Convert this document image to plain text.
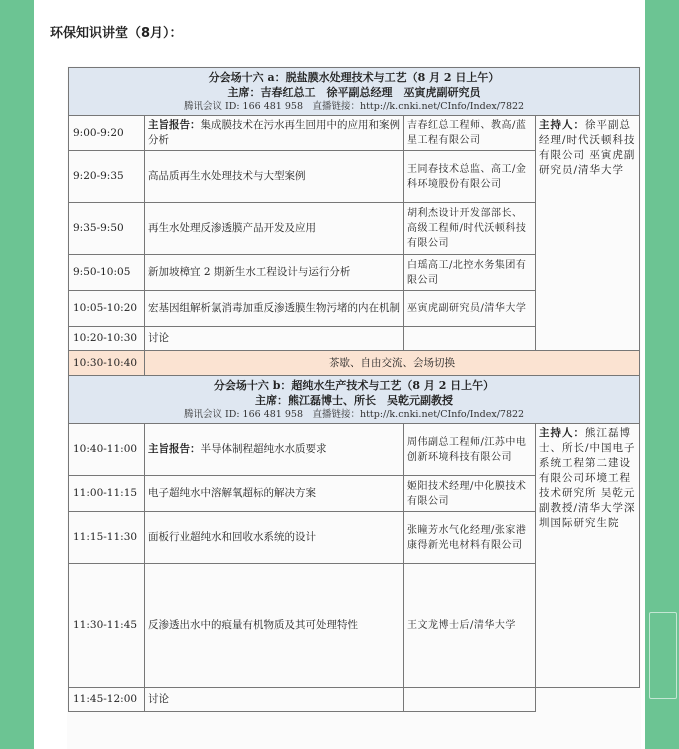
环保知识讲堂（8月）：
分会场十六 a：脱盐膜水处理技术与工艺（8 月 2 日上午）
主席：吉春红总工　徐平副总经理　巫寅虎副研究员
腾讯会议 ID: 166 481 958　直播链接：http://k.cnki.net/CInfo/Index/7822			

9:00-9:20	主旨报告：集成膜技术在污水再生回用中的应用和案例分析	吉春红总工程师、教高/蓝星工程有限公司	主持人：徐平副总经理/时代沃顿科技有限公司 巫寅虎副研究员/清华大学
9:20-9:35	高品质再生水处理技术与大型案例	王同春技术总监、高工/金科环境股份有限公司	
9:35-9:50	再生水处理反渗透膜产品开发及应用	胡利杰设计开发部部长、高级工程师/时代沃顿科技有限公司	
9:50-10:05	新加坡樟宜 2 期新生水工程设计与运行分析	白瑶高工/北控水务集团有限公司	
10:05-10:20	宏基因组解析氯消毒加重反渗透膜生物污堵的内在机制	巫寅虎副研究员/清华大学	
10:20-10:30	讨论		
10:30-10:40	茶歇、自由交流、会场切换		

分会场十六 b：超纯水生产技术与工艺（8 月 2 日上午）
主席：熊江磊博士、所长　吴乾元副教授
腾讯会议 ID: 166 481 958　直播链接：http://k.cnki.net/CInfo/Index/7822			

10:40-11:00	主旨报告：半导体制程超纯水水质要求	周伟副总工程师/江苏中电创新环境科技有限公司	主持人：熊江磊博士、所长/中国电子系统工程第二建设有限公司环境工程技术研究所 吴乾元副教授/清华大学深圳国际研究生院
11:00-11:15	电子超纯水中溶解氧超标的解决方案	姬阳技术经理/中化膜技术有限公司	
11:15-11:30	面板行业超纯水和回收水系统的设计	张瞳芳水气化经理/张家港康得新光电材料有限公司	
11:30-11:45	反渗透出水中的痕量有机物质及其可处理特性	王文龙博士后/清华大学	
11:45-12:00	讨论		
